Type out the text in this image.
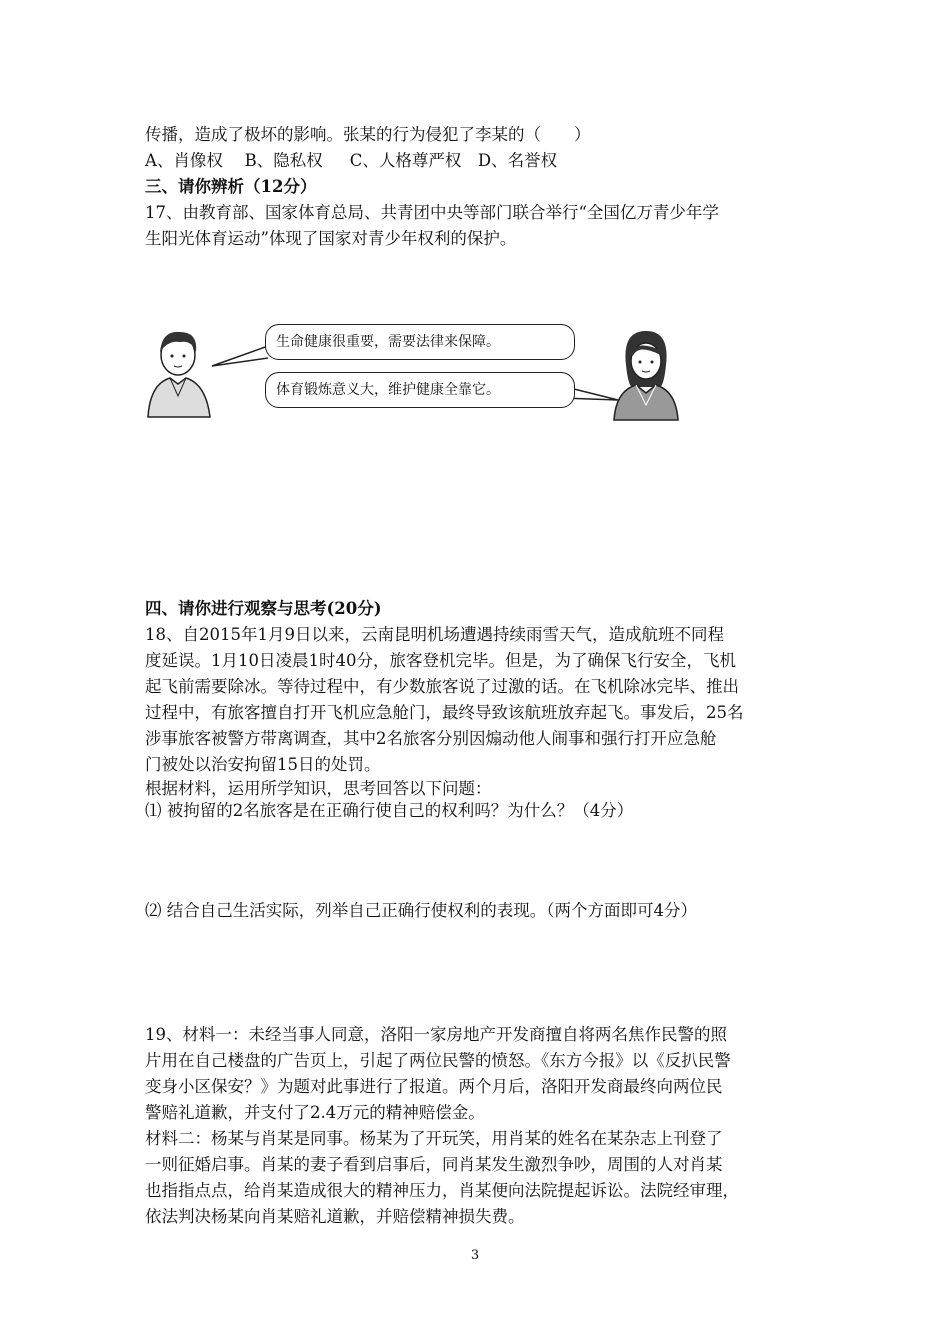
传播，造成了极坏的影响。张某的行为侵犯了李某的（　　）
A、肖像权　 B、隐私权 　 C、人格尊严权　D、名誉权
三、请你辨析（12分）
17、由教育部、国家体育总局、共青团中央等部门联合举行“全国亿万青少年学
生阳光体育运动”体现了国家对青少年权利的保护。
生命健康很重要，需要法律来保障。
体育锻炼意义大，维护健康全靠它。
四、请你进行观察与思考(20分)
18、自2015年1月9日以来，云南昆明机场遭遇持续雨雪天气，造成航班不同程
度延误。1月10日凌晨1时40分，旅客登机完毕。但是，为了确保飞行安全，飞机
起飞前需要除冰。等待过程中，有少数旅客说了过激的话。在飞机除冰完毕、推出
过程中，有旅客擅自打开飞机应急舱门，最终导致该航班放弃起飞。事发后，25名
涉事旅客被警方带离调查，其中2名旅客分别因煽动他人闹事和强行打开应急舱
门被处以治安拘留15日的处罚。
根据材料，运用所学知识，思考回答以下问题：
⑴ 被拘留的2名旅客是在正确行使自己的权利吗？为什么？（4分）
⑵ 结合自己生活实际，列举自己正确行使权利的表现。（两个方面即可4分）
19、材料一：未经当事人同意，洛阳一家房地产开发商擅自将两名焦作民警的照
片用在自己楼盘的广告页上，引起了两位民警的愤怒。《东方今报》以《反扒民警
变身小区保安？》为题对此事进行了报道。两个月后，洛阳开发商最终向两位民
警赔礼道歉，并支付了2.4万元的精神赔偿金。
材料二：杨某与肖某是同事。杨某为了开玩笑，用肖某的姓名在某杂志上刊登了
一则征婚启事。肖某的妻子看到启事后，同肖某发生激烈争吵，周围的人对肖某
也指指点点，给肖某造成很大的精神压力，肖某便向法院提起诉讼。法院经审理，
依法判决杨某向肖某赔礼道歉，并赔偿精神损失费。
3
